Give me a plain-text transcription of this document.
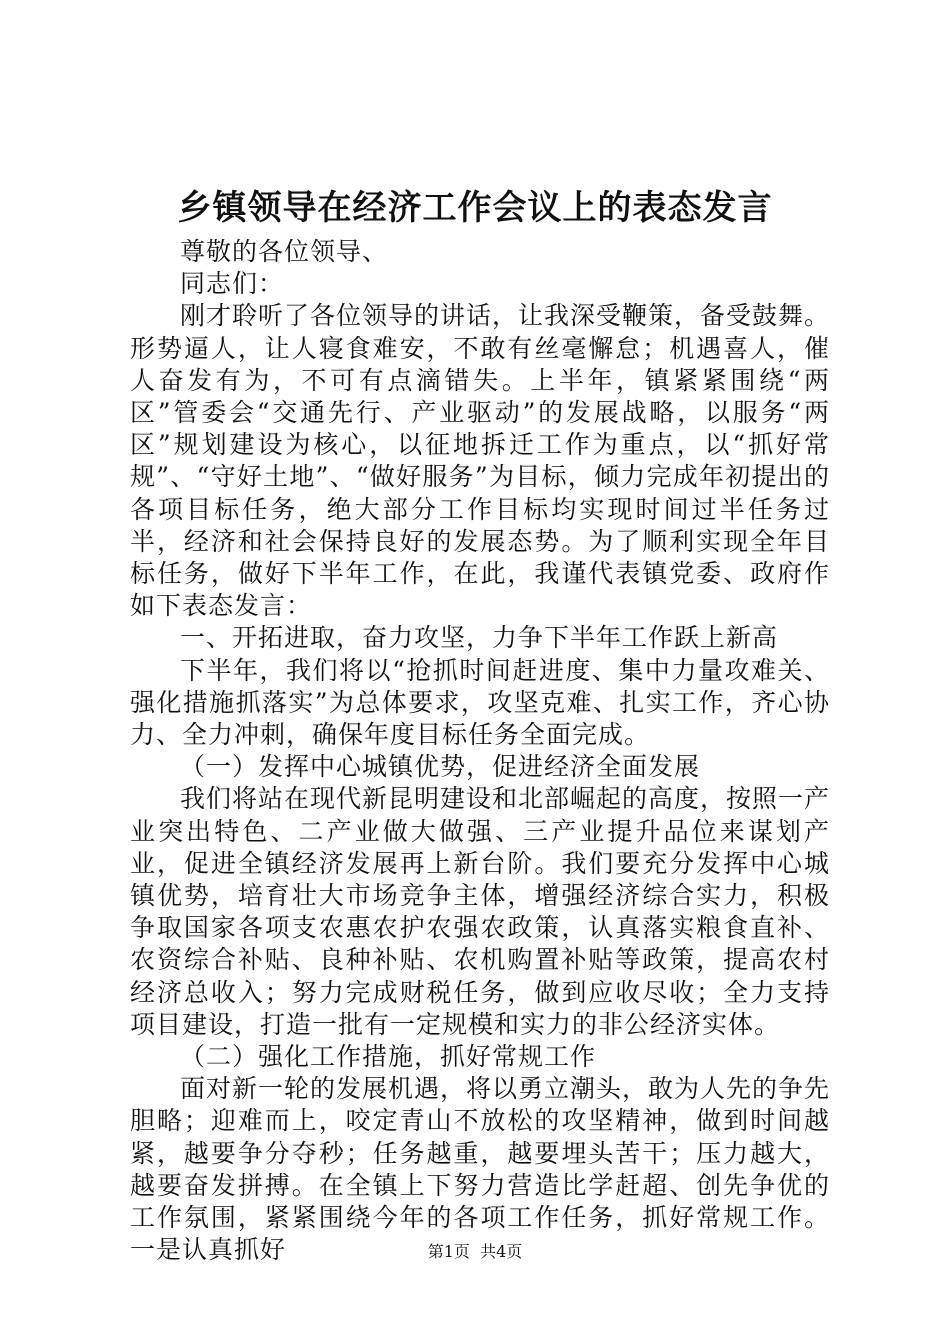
乡镇领导在经济工作会议上的表态发言

尊敬的各位领导、

同志们：

刚才聆听了各位领导的讲话，让我深受鞭策，备受鼓舞。形势逼人，让人寝食难安，不敢有丝毫懈怠；机遇喜人，催人奋发有为，不可有点滴错失。上半年，镇紧紧围绕“两区”管委会“交通先行、产业驱动”的发展战略，以服务“两区”规划建设为核心，以征地拆迁工作为重点，以“抓好常规”、“守好土地”、“做好服务”为目标，倾力完成年初提出的各项目标任务，绝大部分工作目标均实现时间过半任务过半，经济和社会保持良好的发展态势。为了顺利实现全年目标任务，做好下半年工作，在此，我谨代表镇党委、政府作如下表态发言：

一、开拓进取，奋力攻坚，力争下半年工作跃上新高

下半年，我们将以“抢抓时间赶进度、集中力量攻难关、强化措施抓落实”为总体要求，攻坚克难、扎实工作，齐心协力、全力冲刺，确保年度目标任务全面完成。

（一）发挥中心城镇优势，促进经济全面发展

我们将站在现代新昆明建设和北部崛起的高度，按照一产业突出特色、二产业做大做强、三产业提升品位来谋划产业，促进全镇经济发展再上新台阶。我们要充分发挥中心城镇优势，培育壮大市场竞争主体，增强经济综合实力，积极争取国家各项支农惠农护农强农政策，认真落实粮食直补、农资综合补贴、良种补贴、农机购置补贴等政策，提高农村经济总收入；努力完成财税任务，做到应收尽收；全力支持项目建设，打造一批有一定规模和实力的非公经济实体。

（二）强化工作措施，抓好常规工作

面对新一轮的发展机遇，将以勇立潮头，敢为人先的争先胆略；迎难而上，咬定青山不放松的攻坚精神，做到时间越紧，越要争分夺秒；任务越重，越要埋头苦干；压力越大，越要奋发拼搏。在全镇上下努力营造比学赶超、创先争优的工作氛围，紧紧围绕今年的各项工作任务，抓好常规工作。一是认真抓好	第1页 共4页
